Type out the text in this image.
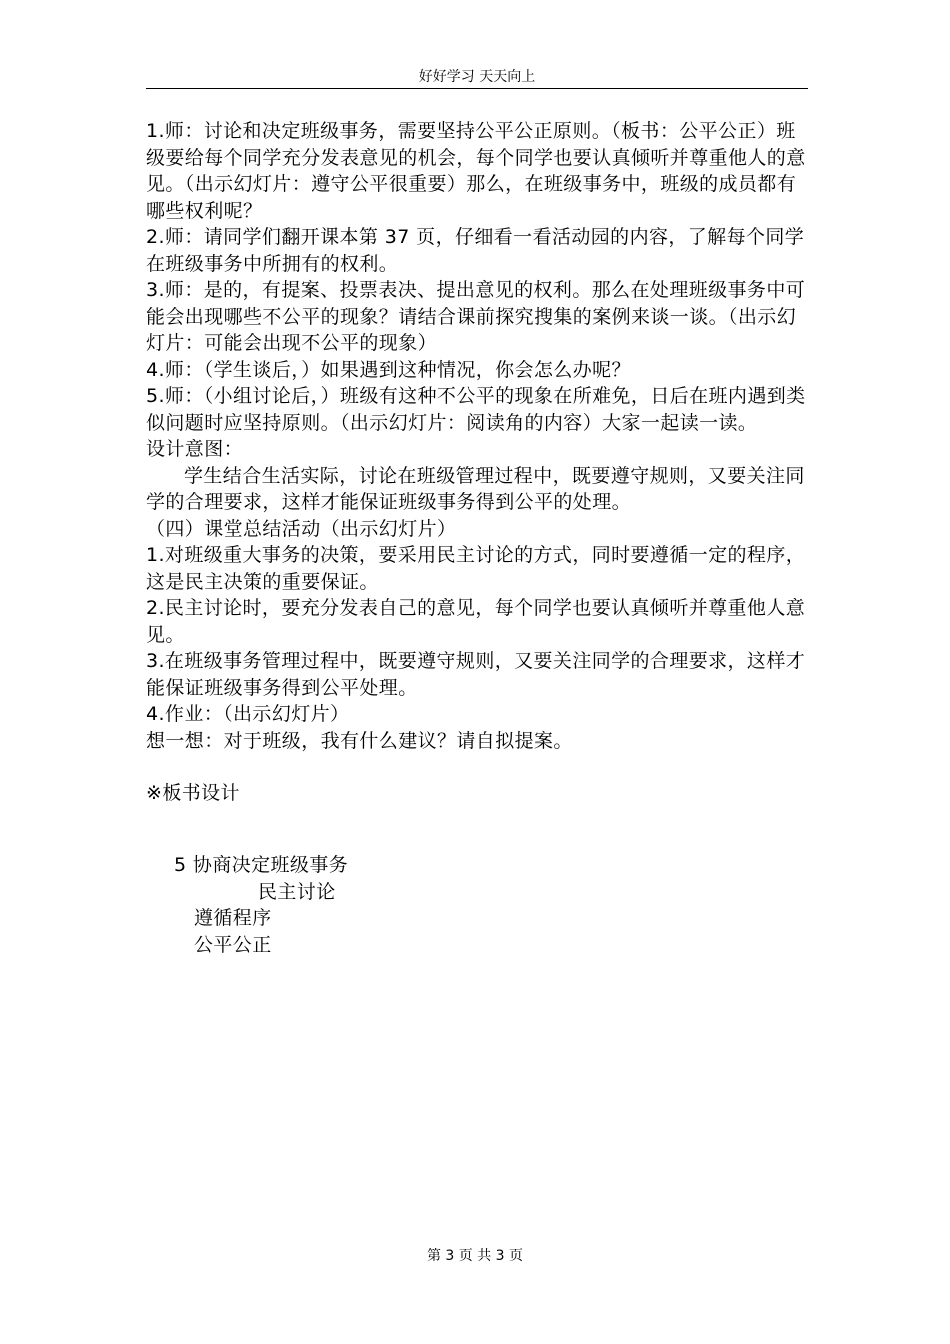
好好学习 天天向上

1.师：讨论和决定班级事务，需要坚持公平公正原则。（板书：公平公正）班级要给每个同学充分发表意见的机会，每个同学也要认真倾听并尊重他人的意见。（出示幻灯片：遵守公平很重要）那么，在班级事务中，班级的成员都有哪些权利呢？

2.师：请同学们翻开课本第 37 页，仔细看一看活动园的内容，了解每个同学在班级事务中所拥有的权利。

3.师：是的，有提案、投票表决、提出意见的权利。那么在处理班级事务中可能会出现哪些不公平的现象？请结合课前探究搜集的案例来谈一谈。（出示幻灯片：可能会出现不公平的现象）

4.师：（学生谈后，）如果遇到这种情况，你会怎么办呢？

5.师：（小组讨论后，）班级有这种不公平的现象在所难免，日后在班内遇到类似问题时应坚持原则。（出示幻灯片：阅读角的内容）大家一起读一读。

设计意图：

学生结合生活实际，讨论在班级管理过程中，既要遵守规则，又要关注同学的合理要求，这样才能保证班级事务得到公平的处理。

（四）课堂总结活动（出示幻灯片）

1.对班级重大事务的决策，要采用民主讨论的方式，同时要遵循一定的程序，这是民主决策的重要保证。

2.民主讨论时，要充分发表自己的意见，每个同学也要认真倾听并尊重他人意见。

3.在班级事务管理过程中，既要遵守规则，又要关注同学的合理要求，这样才能保证班级事务得到公平处理。

4.作业：（出示幻灯片）

想一想：对于班级，我有什么建议？请自拟提案。

※板书设计

5 协商决定班级事务

民主讨论

遵循程序

公平公正

第 3 页 共 3 页
